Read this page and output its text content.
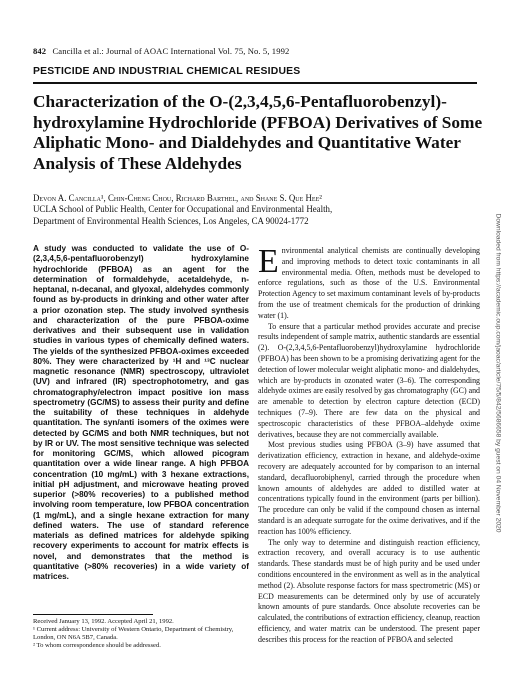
842 Cancilla et al.: Journal of AOAC International Vol. 75, No. 5, 1992
PESTICIDE AND INDUSTRIAL CHEMICAL RESIDUES
Characterization of the O-(2,3,4,5,6-Pentafluorobenzyl)-hydroxylamine Hydrochloride (PFBOA) Derivatives of Some Aliphatic Mono- and Dialdehydes and Quantitative Water Analysis of These Aldehydes
Devon A. Cancilla¹, Chin-Cheng Chou, Richard Barthel, and Shane S. Que Hee²
UCLA School of Public Health, Center for Occupational and Environmental Health,
Department of Environmental Health Sciences, Los Angeles, CA 90024-1772
A study was conducted to validate the use of O-(2,3,4,5,6-pentafluorobenzyl) hydroxylamine hydrochloride (PFBOA) as an agent for the determination of formaldehyde, acetaldehyde, n-heptanal, n-decanal, and glyoxal, aldehydes commonly found as by-products in drinking and other water after a prior ozonation step. The study involved synthesis and characterization of the pure PFBOA-oxime derivatives and their subsequent use in validation studies in various types of chemically defined waters. The yields of the synthesized PFBOA-oximes exceeded 80%. They were characterized by ¹H and ¹³C nuclear magnetic resonance (NMR) spectroscopy, ultraviolet (UV) and infrared (IR) spectrophotometry, and gas chromatography/electron impact positive ion mass spectrometry (GC/MS) to assess their purity and define the suitability of these techniques in aldehyde quantitation. The syn/anti isomers of the oximes were detected by GC/MS and both NMR techniques, but not by IR or UV. The most sensitive technique was selected for monitoring GC/MS, which allowed picogram quantitation over a wide linear range. A high PFBOA concentration (10 mg/mL) with 3 hexane extractions, initial pH adjustment, and microwave heating proved superior (>80% recoveries) to a published method involving room temperature, low PFBOA concentration (1 mg/mL), and a single hexane extraction for many defined waters. The use of standard reference materials as defined matrices for aldehyde spiking recovery experiments to account for matrix effects is novel, and demonstrates that the method is quantitative (>80% recoveries) in a wide variety of matrices.

Environmental analytical chemists are continually developing and improving methods to detect toxic contaminants in all environmental media. Often, methods must be developed to enforce regulations, such as those of the U.S. Environmental Protection Agency to set maximum contaminant levels of by-products from the use of treatment chemicals for the production of drinking water (1).

To ensure that a particular method provides accurate and precise results independent of sample matrix, authentic standards are essential (2). O-(2,3,4,5,6-Pentafluorobenzyl)hydroxylamine hydrochloride (PFBOA) has been shown to be a promising derivatizing agent for the detection of lower molecular weight aliphatic mono- and dialdehydes, which are by-products in ozonated water (3–6). The corresponding aldehyde oximes are easily resolved by gas chromatography (GC) and are amenable to detection by electron capture detection (ECD) techniques (7–9). There are few data on the physical and spectroscopic characteristics of these PFBOA–aldehyde oxime derivatives, because they are not commercially available.

Most previous studies using PFBOA (3–9) have assumed that derivatization efficiency, extraction in hexane, and aldehyde-oxime recovery are adequately accounted for by comparison to an internal standard, decafluorobiphenyl, carried through the procedure when known amounts of aldehydes are added to distilled water at concentrations typically found in the environment (parts per billion). The procedure can only be valid if the compound chosen as internal standard is an adequate surrogate for the oxime derivatives, and if the reaction has 100% efficiency.

The only way to determine and distinguish reaction efficiency, extraction recovery, and overall accuracy is to use authentic standards. These standards must be of high purity and be used under conditions encountered in the environment as well as in the analytical method (2). Absolute response factors for mass spectrometric (MS) or ECD measurements can be determined only by use of accurately known amounts of pure standards. Once absolute recoveries can be calculated, the contributions of extraction efficiency, cleanup, reaction efficiency, and water matrix can be understood. The present paper describes this process for the reaction of PFBOA and selected

Received January 13, 1992. Accepted April 21, 1992.
¹ Current address: University of Western Ontario, Department of Chemistry, London, ON N6A 5B7, Canada.
² To whom correspondence should be addressed.
Downloaded from https://academic.oup.com/jaoac/article/75/5/842/5686658 by guest on 04 November 2020
